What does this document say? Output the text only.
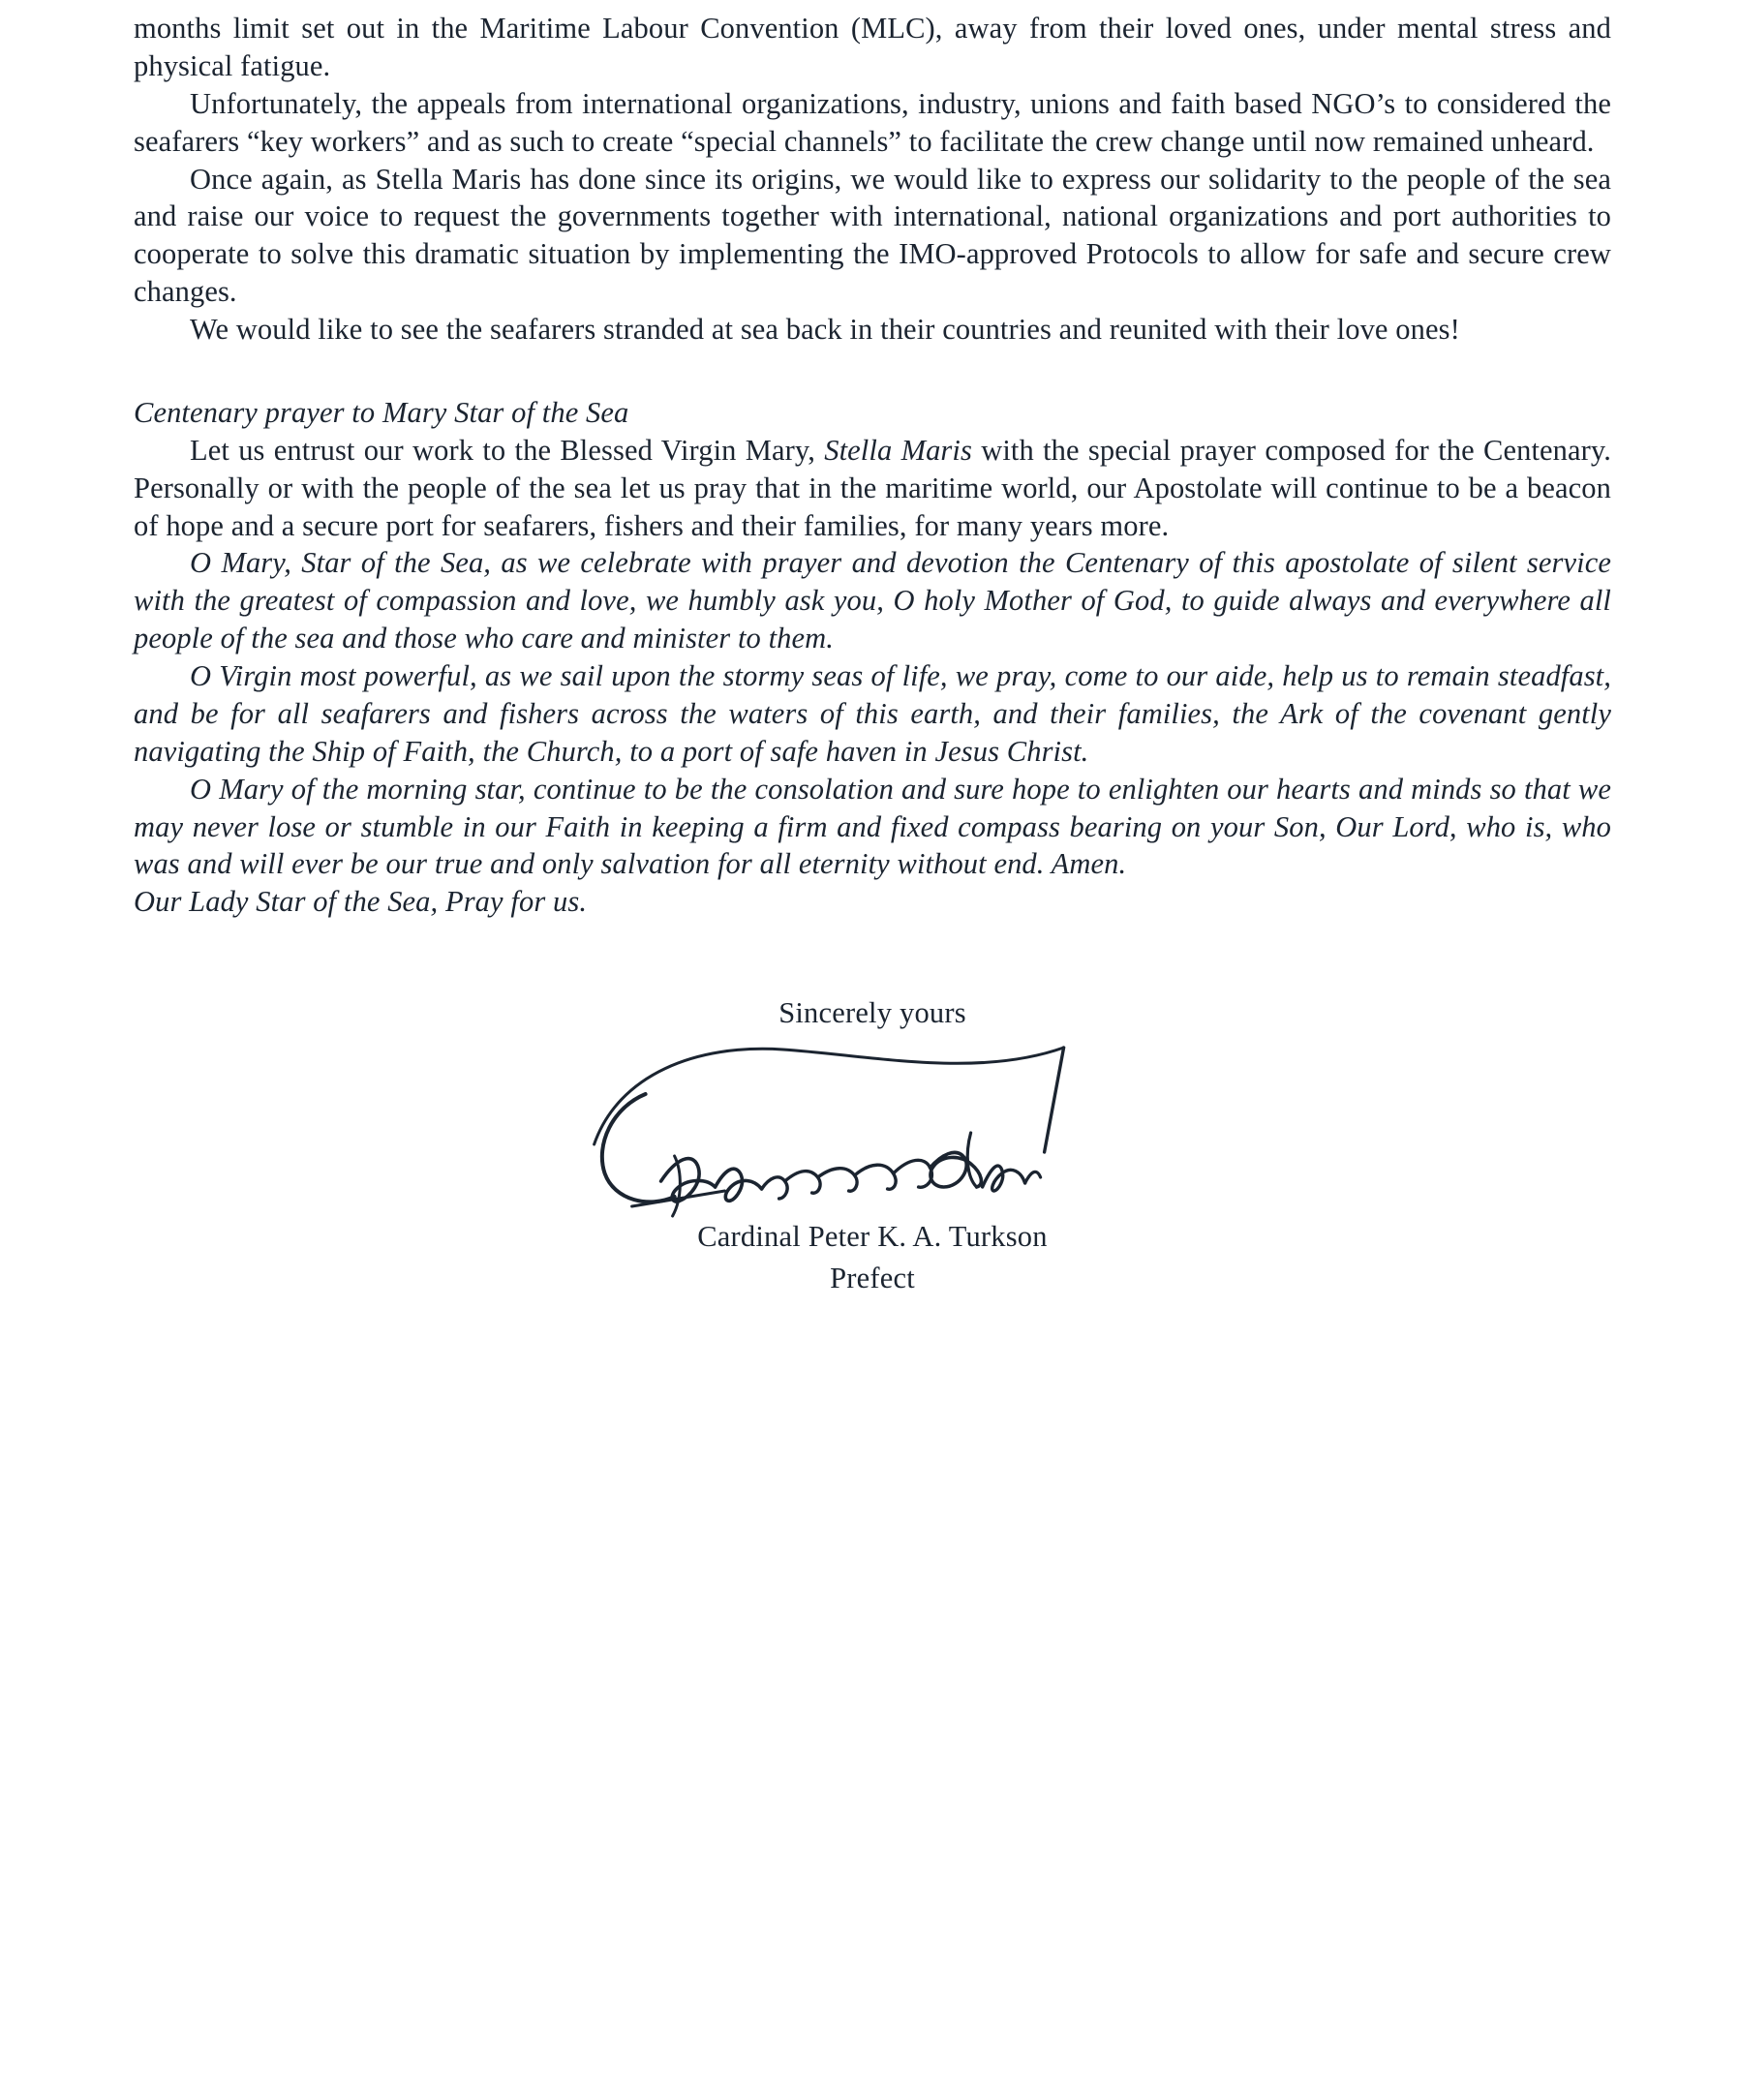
months limit set out in the Maritime Labour Convention (MLC), away from their loved ones, under mental stress and physical fatigue.

Unfortunately, the appeals from international organizations, industry, unions and faith based NGO’s to considered the seafarers “key workers” and as such to create “special channels” to facilitate the crew change until now remained unheard.

Once again, as Stella Maris has done since its origins, we would like to express our solidarity to the people of the sea and raise our voice to request the governments together with international, national organizations and port authorities to cooperate to solve this dramatic situation by implementing the IMO-approved Protocols to allow for safe and secure crew changes.

We would like to see the seafarers stranded at sea back in their countries and reunited with their love ones!

Centenary prayer to Mary Star of the Sea

Let us entrust our work to the Blessed Virgin Mary, Stella Maris with the special prayer composed for the Centenary. Personally or with the people of the sea let us pray that in the maritime world, our Apostolate will continue to be a beacon of hope and a secure port for seafarers, fishers and their families, for many years more.

O Mary, Star of the Sea, as we celebrate with prayer and devotion the Centenary of this apostolate of silent service with the greatest of compassion and love, we humbly ask you, O holy Mother of God, to guide always and everywhere all people of the sea and those who care and minister to them.

O Virgin most powerful, as we sail upon the stormy seas of life, we pray, come to our aide, help us to remain steadfast, and be for all seafarers and fishers across the waters of this earth, and their families, the Ark of the covenant gently navigating the Ship of Faith, the Church, to a port of safe haven in Jesus Christ.

O Mary of the morning star, continue to be the consolation and sure hope to enlighten our hearts and minds so that we may never lose or stumble in our Faith in keeping a firm and fixed compass bearing on your Son, Our Lord, who is, who was and will ever be our true and only salvation for all eternity without end. Amen.

Our Lady Star of the Sea, Pray for us.

Sincerely yours
Cardinal Peter K. A. Turkson
Prefect
